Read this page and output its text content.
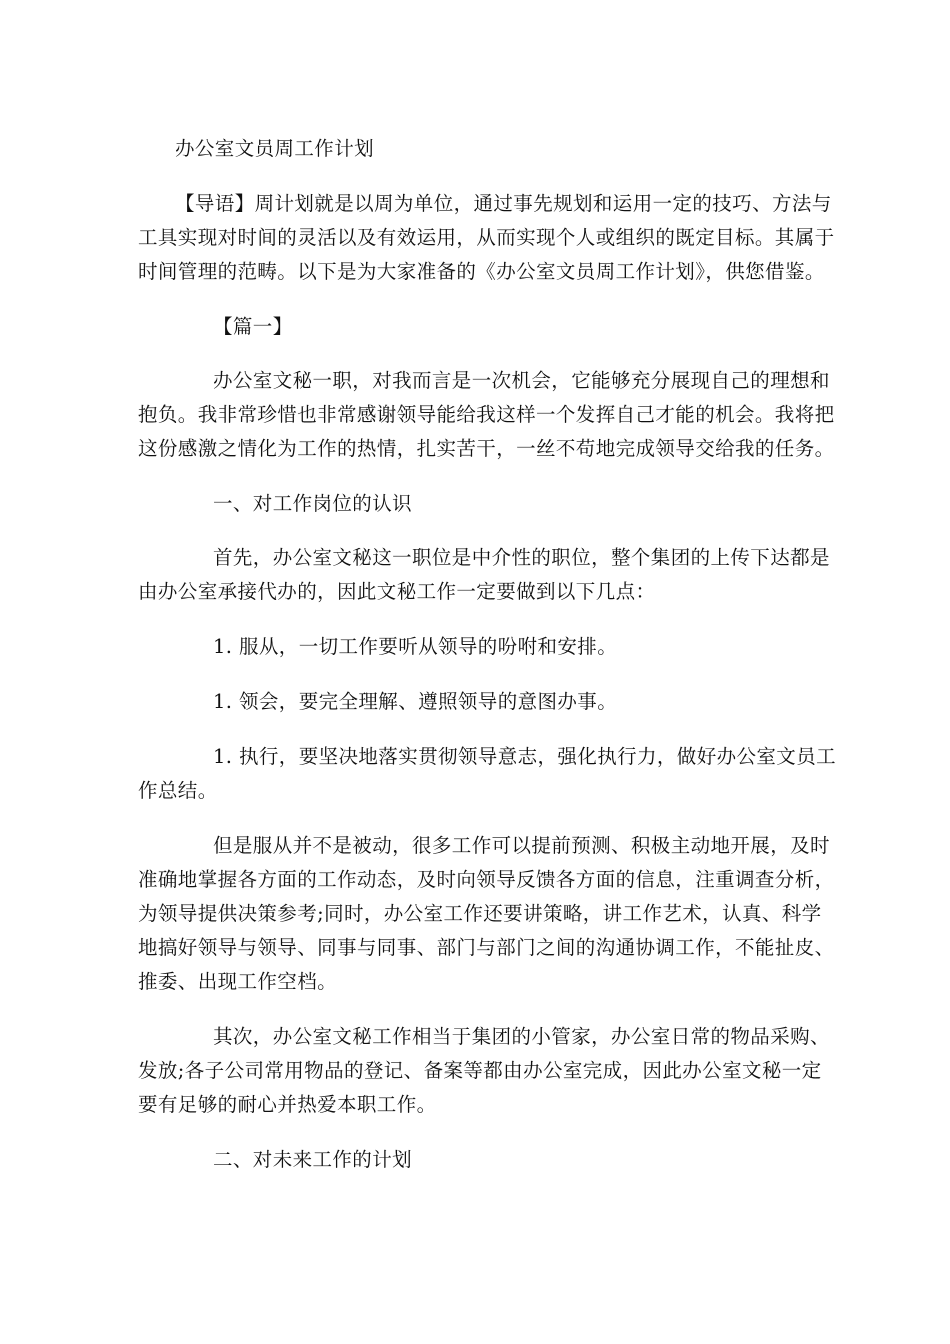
办公室文员周工作计划
【导语】周计划就是以周为单位，通过事先规划和运用一定的技巧、方法与
工具实现对时间的灵活以及有效运用，从而实现个人或组织的既定目标。其属于
时间管理的范畴。以下是为大家准备的《办公室文员周工作计划》，供您借鉴。
【篇一】
办公室文秘一职，对我而言是一次机会，它能够充分展现自己的理想和
抱负。我非常珍惜也非常感谢领导能给我这样一个发挥自己才能的机会。我将把
这份感激之情化为工作的热情，扎实苦干，一丝不苟地完成领导交给我的任务。
一、对工作岗位的认识
首先，办公室文秘这一职位是中介性的职位，整个集团的上传下达都是
由办公室承接代办的，因此文秘工作一定要做到以下几点：
1. 服从，一切工作要听从领导的吩咐和安排。
1. 领会，要完全理解、遵照领导的意图办事。
1. 执行，要坚决地落实贯彻领导意志，强化执行力，做好办公室文员工
作总结。
但是服从并不是被动，很多工作可以提前预测、积极主动地开展，及时
准确地掌握各方面的工作动态，及时向领导反馈各方面的信息，注重调查分析，
为领导提供决策参考;同时，办公室工作还要讲策略，讲工作艺术，认真、科学
地搞好领导与领导、同事与同事、部门与部门之间的沟通协调工作，不能扯皮、
推委、出现工作空档。
其次，办公室文秘工作相当于集团的小管家，办公室日常的物品采购、
发放;各子公司常用物品的登记、备案等都由办公室完成，因此办公室文秘一定
要有足够的耐心并热爱本职工作。
二、对未来工作的计划
